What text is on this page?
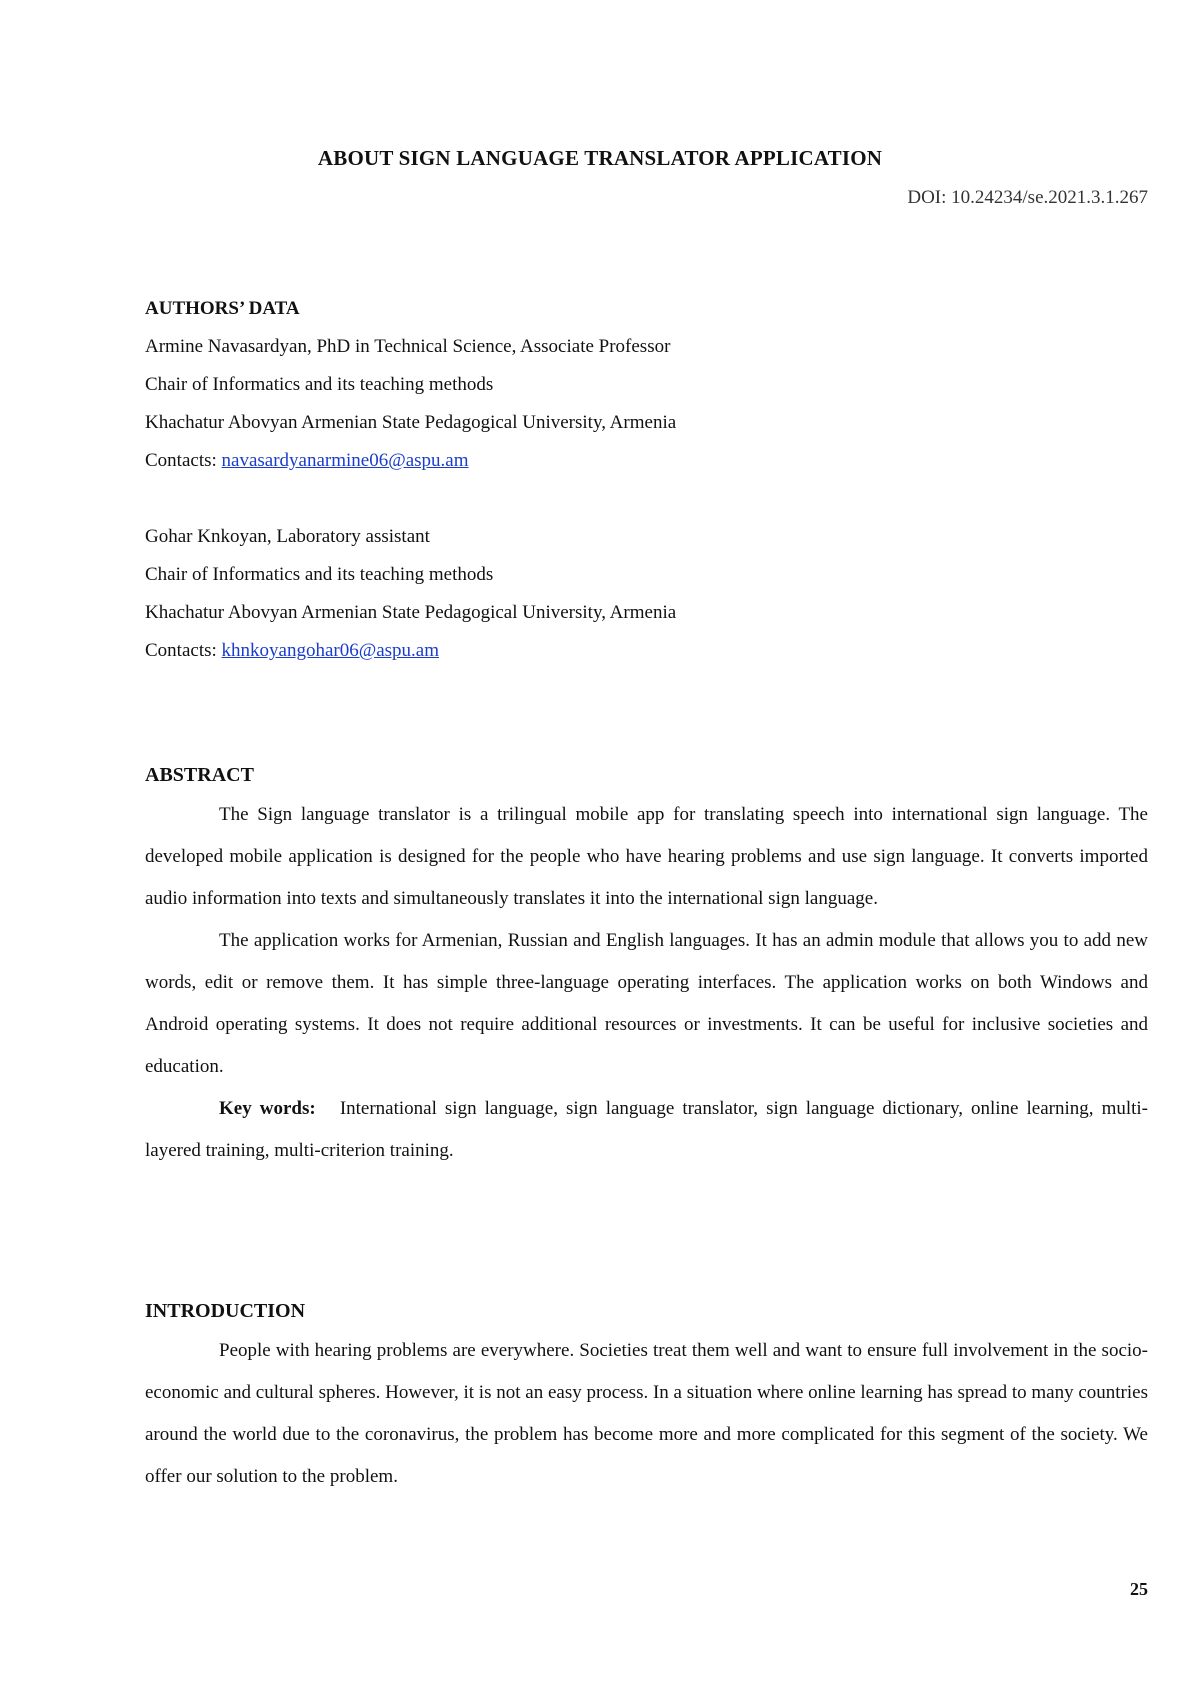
ABOUT SIGN LANGUAGE TRANSLATOR APPLICATION
DOI: 10.24234/se.2021.3.1.267
AUTHORS’ DATA
Armine Navasardyan, PhD in Technical Science, Associate Professor
Chair of Informatics and its teaching methods
Khachatur Abovyan Armenian State Pedagogical University, Armenia
Contacts: navasardyanarmine06@aspu.am
Gohar Knkoyan, Laboratory assistant
Chair of Informatics and its teaching methods
Khachatur Abovyan Armenian State Pedagogical University, Armenia
Contacts: khnkoyangohar06@aspu.am
ABSTRACT

The Sign language translator is a trilingual mobile app for translating speech into international sign language. The developed mobile application is designed for the people who have hearing problems and use sign language. It converts imported audio information into texts and simultaneously translates it into the international sign language.

The application works for Armenian, Russian and English languages. It has an admin module that allows you to add new words, edit or remove them. It has simple three-language operating interfaces. The application works on both Windows and Android operating systems. It does not require additional resources or investments. It can be useful for inclusive societies and education.

Key words: International sign language, sign language translator, sign language dictionary, online learning, multi-layered training, multi-criterion training.

INTRODUCTION

People with hearing problems are everywhere. Societies treat them well and want to ensure full involvement in the socio-economic and cultural spheres. However, it is not an easy process. In a situation where online learning has spread to many countries around the world due to the coronavirus, the problem has become more and more complicated for this segment of the society. We offer our solution to the problem.

25
